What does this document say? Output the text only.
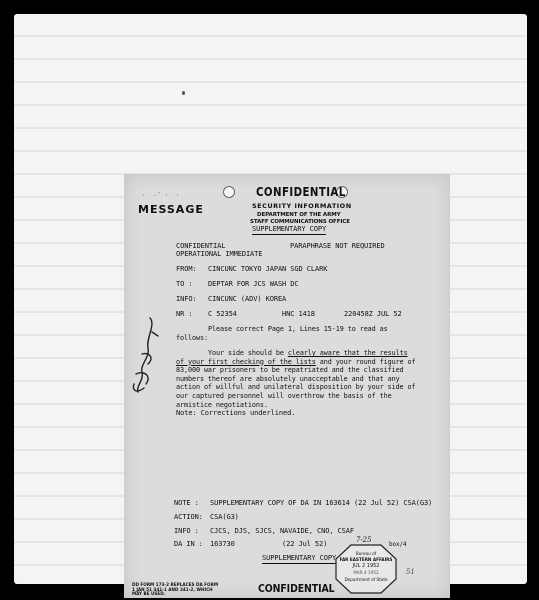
MESSAGE
· ·̈ · ·	CONFIDENTIAL
SECURITY INFORMATION
DEPARTMENT OF THE ARMY
STAFF COMMUNICATIONS OFFICE
SUPPLEMENTARY COPY
CONFIDENTIAL	PARAPHRASE NOT REQUIRED
OPERATIONAL IMMEDIATE
FROM: CINCUNC TOKYO JAPAN SGD CLARK
TO : DEPTAR FOR JCS WASH DC
INFO: CINCUNC (ADV) KOREA
NR : C 52354	HNC 1418	220458Z JUL 52
Please correct Page 1, Lines 15-19 to read as follows:
Your side should be clearly aware that the results of your first checking of the lists and your round figure of 83,000 war prisoners to be repatriated and the classified numbers thereof are absolutely unacceptable and that any action of willful and unilateral disposition by your side of our captured personnel will overthrow the basis of the armistice negotiations.
Note: Corrections underlined.
NOTE : SUPPLEMENTARY COPY OF DA IN 163614 (22 Jul 52) CSA(G3)
ACTION: CSA(G3)
INFO : CJCS, DJS, SJCS, NAVAIDE, CNO, CSAF
DA IN : 163730	(22 Jul 52)	7-25
box/4
SUPPLEMENTARY COPY
Bureau of
FAR EASTERN AFFAIRS
JUL 2 1952
MAR 4 1952
Department of State
51
DD FORM 173-2 REPLACES DA FORM
1 JAN 51 341-1 AND 341-2, WHICH
MAY BE USED.	CONFIDENTIAL
